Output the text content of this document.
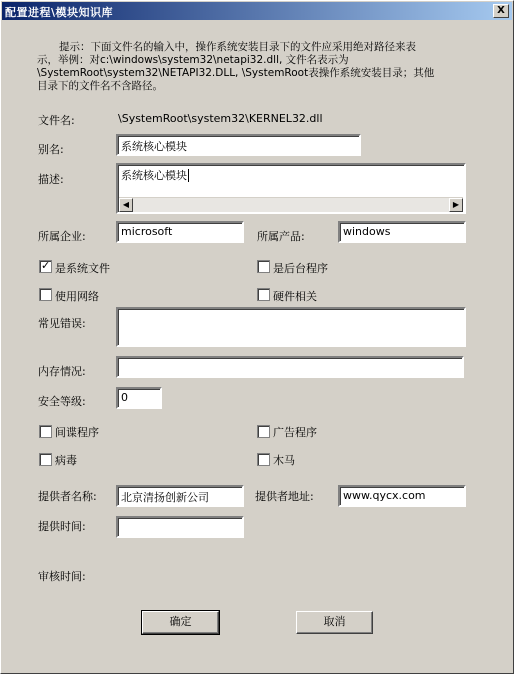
配置进程\模块知识库	X

提示：下面文件名的输入中，操作系统安装目录下的文件应采用绝对路径来表

示，举例：对c:\windows\system32\netapi32.dll, 文件名表示为

\SystemRoot\system32\NETAPI32.DLL, \SystemRoot表操作系统安装目录；其他

目录下的文件名不含路径。

文件名:	\SystemRoot\system32\KERNEL32.dll
别名:	系统核心模块
描述:	系统核心模块
◀	▶
所属企业:	microsoft	所属产品:	windows
✓ 是系统文件	是后台程序
使用网络	硬件相关
常见错误:
内存情况:
安全等级:	0
间谍程序	广告程序
病毒	木马
提供者名称:	北京清扬创新公司	提供者地址:	www.qycx.com
提供时间:
审核时间:
确定	取消
